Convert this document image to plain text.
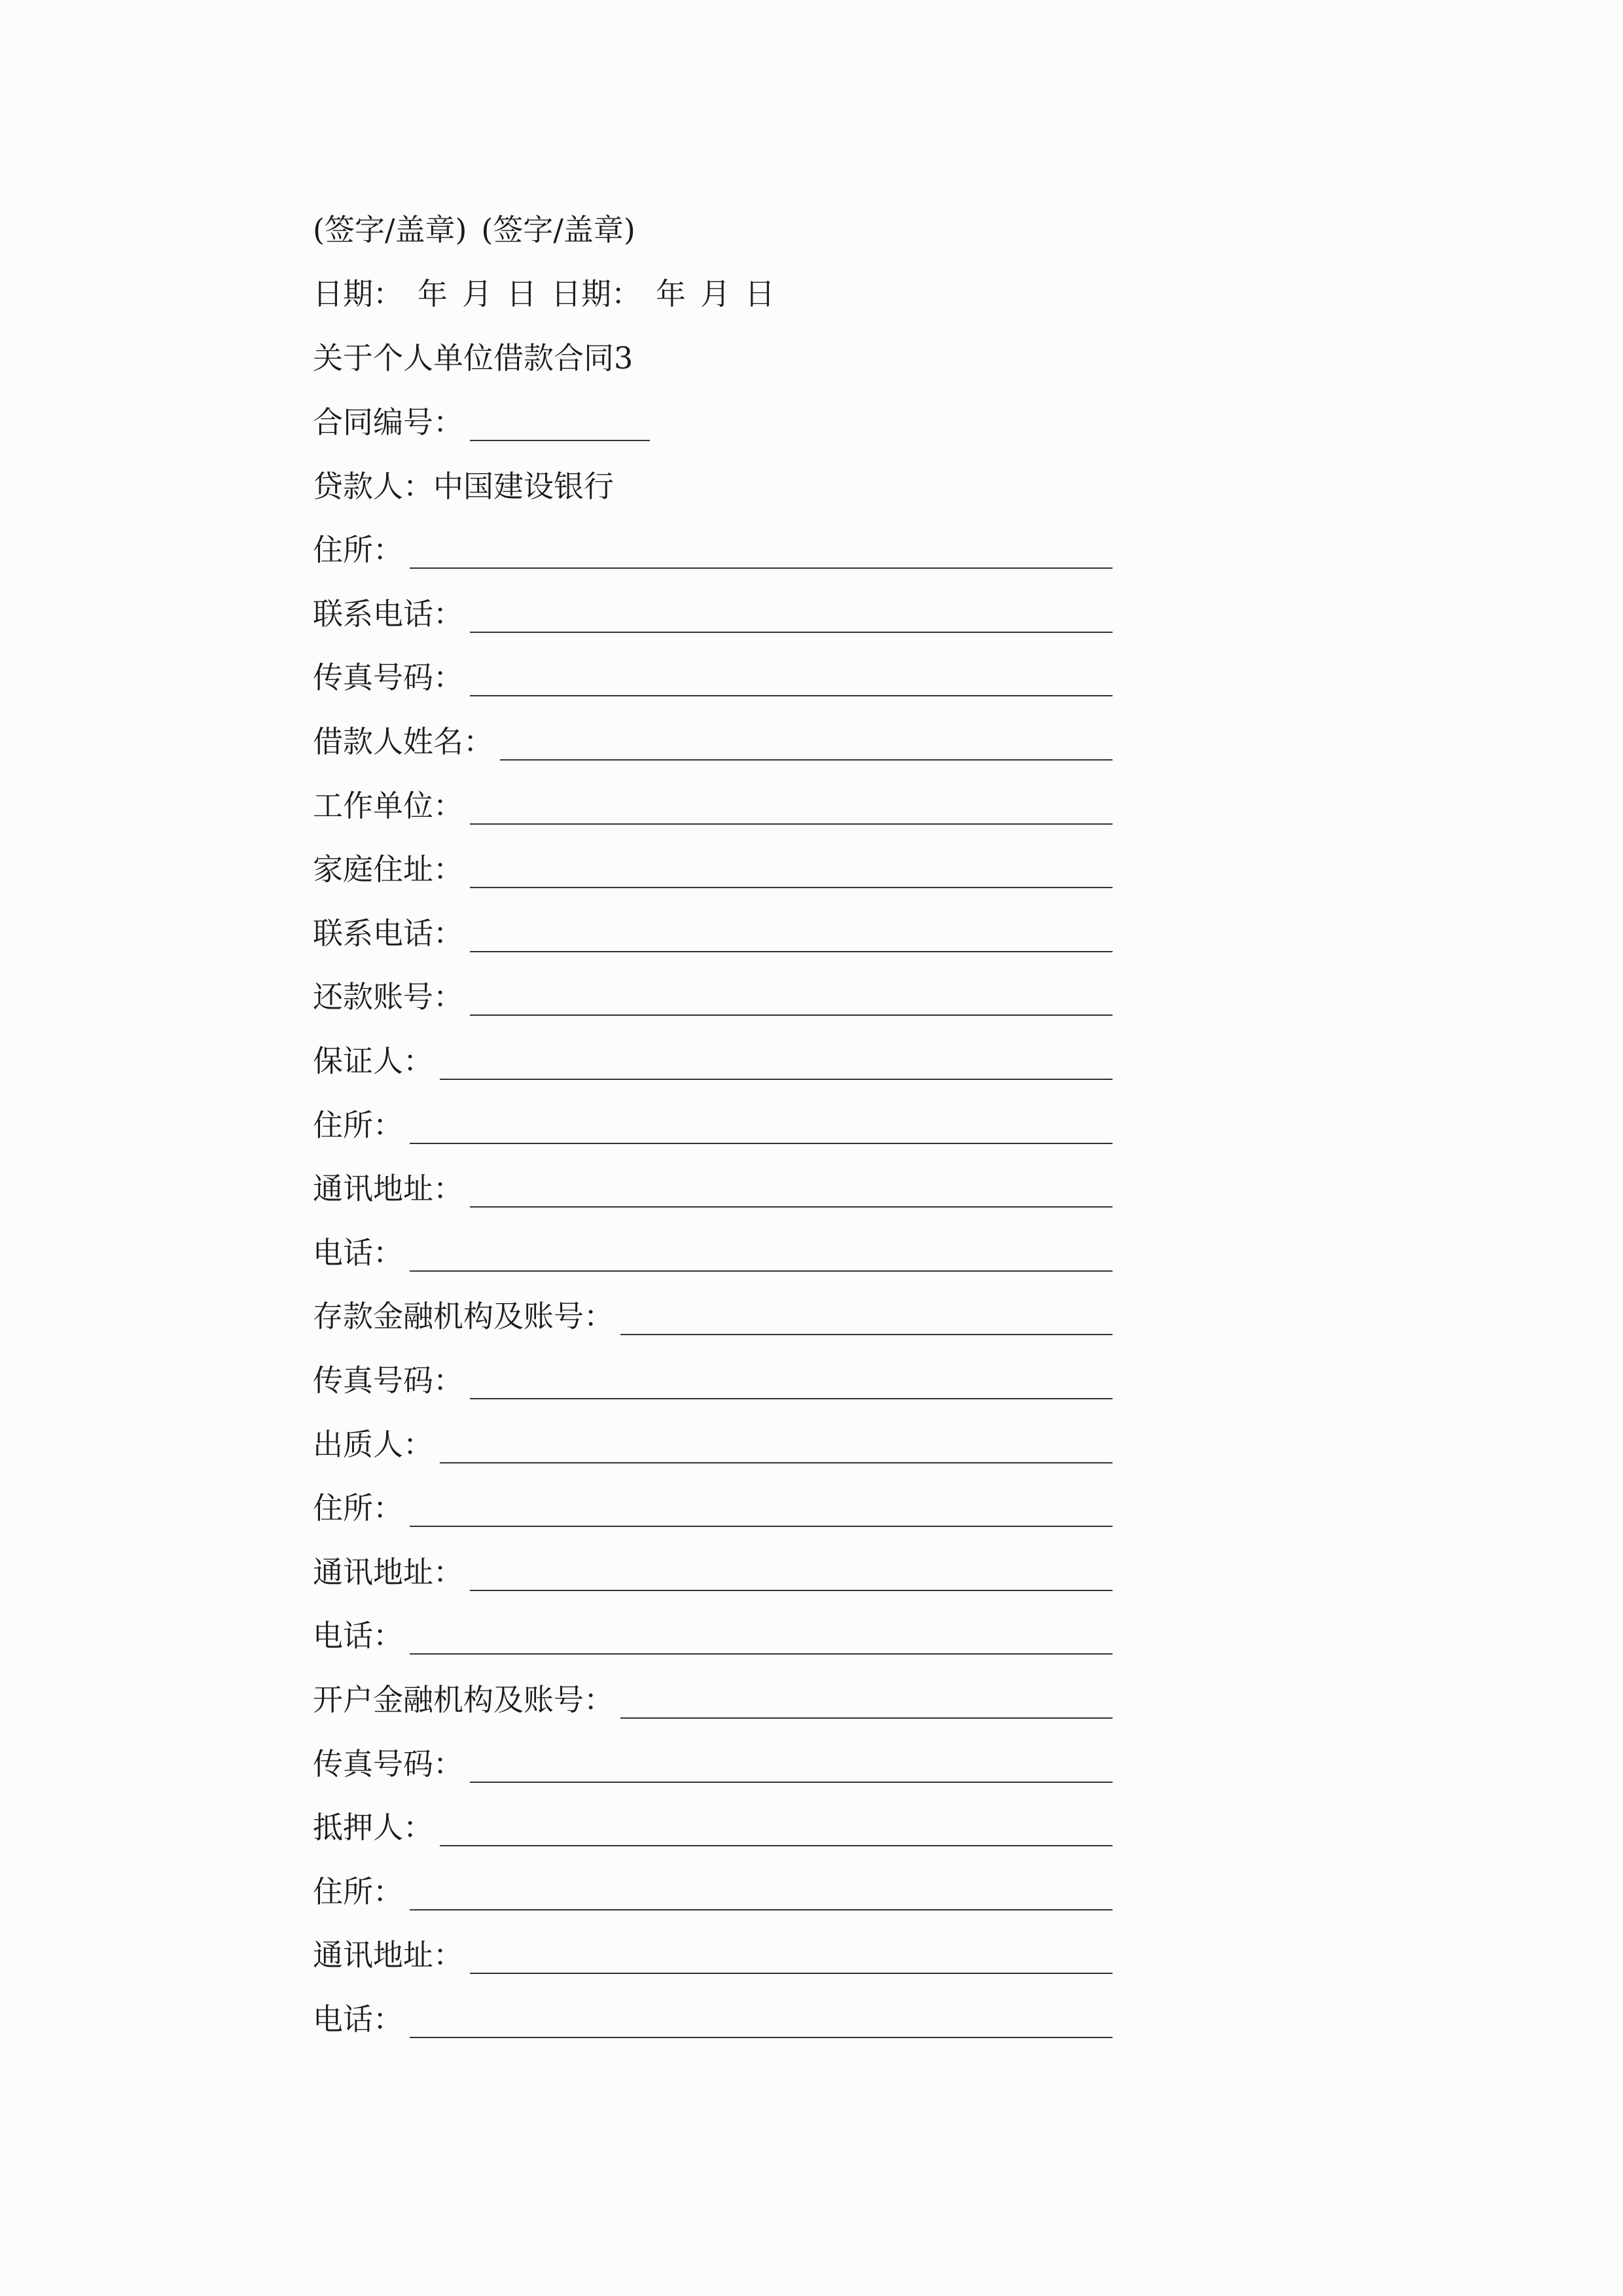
(签字/盖章) (签字/盖章)
日期： 年 月 日 日期： 年 月 日
关于个人单位借款合同3
合同编号：
贷款人：中国建设银行
住所：
联系电话：
传真号码：
借款人姓名：
工作单位：
家庭住址：
联系电话：
还款账号：
保证人：
住所：
通讯地址：
电话：
存款金融机构及账号：
传真号码：
出质人：
住所：
通讯地址：
电话：
开户金融机构及账号：
传真号码：
抵押人：
住所：
通讯地址：
电话：
